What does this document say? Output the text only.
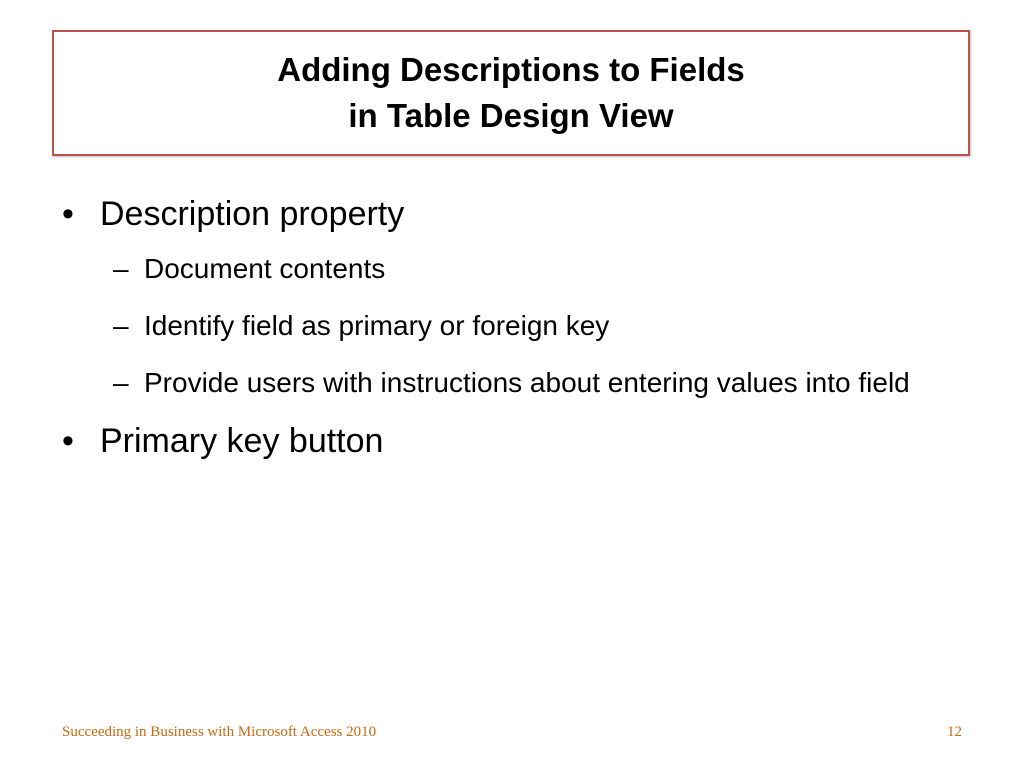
Adding Descriptions to Fields
in Table Design View
• Description property
– Document contents
– Identify field as primary or foreign key
– Provide users with instructions about entering values into field
• Primary key button
Succeeding in Business with Microsoft Access 2010	12
